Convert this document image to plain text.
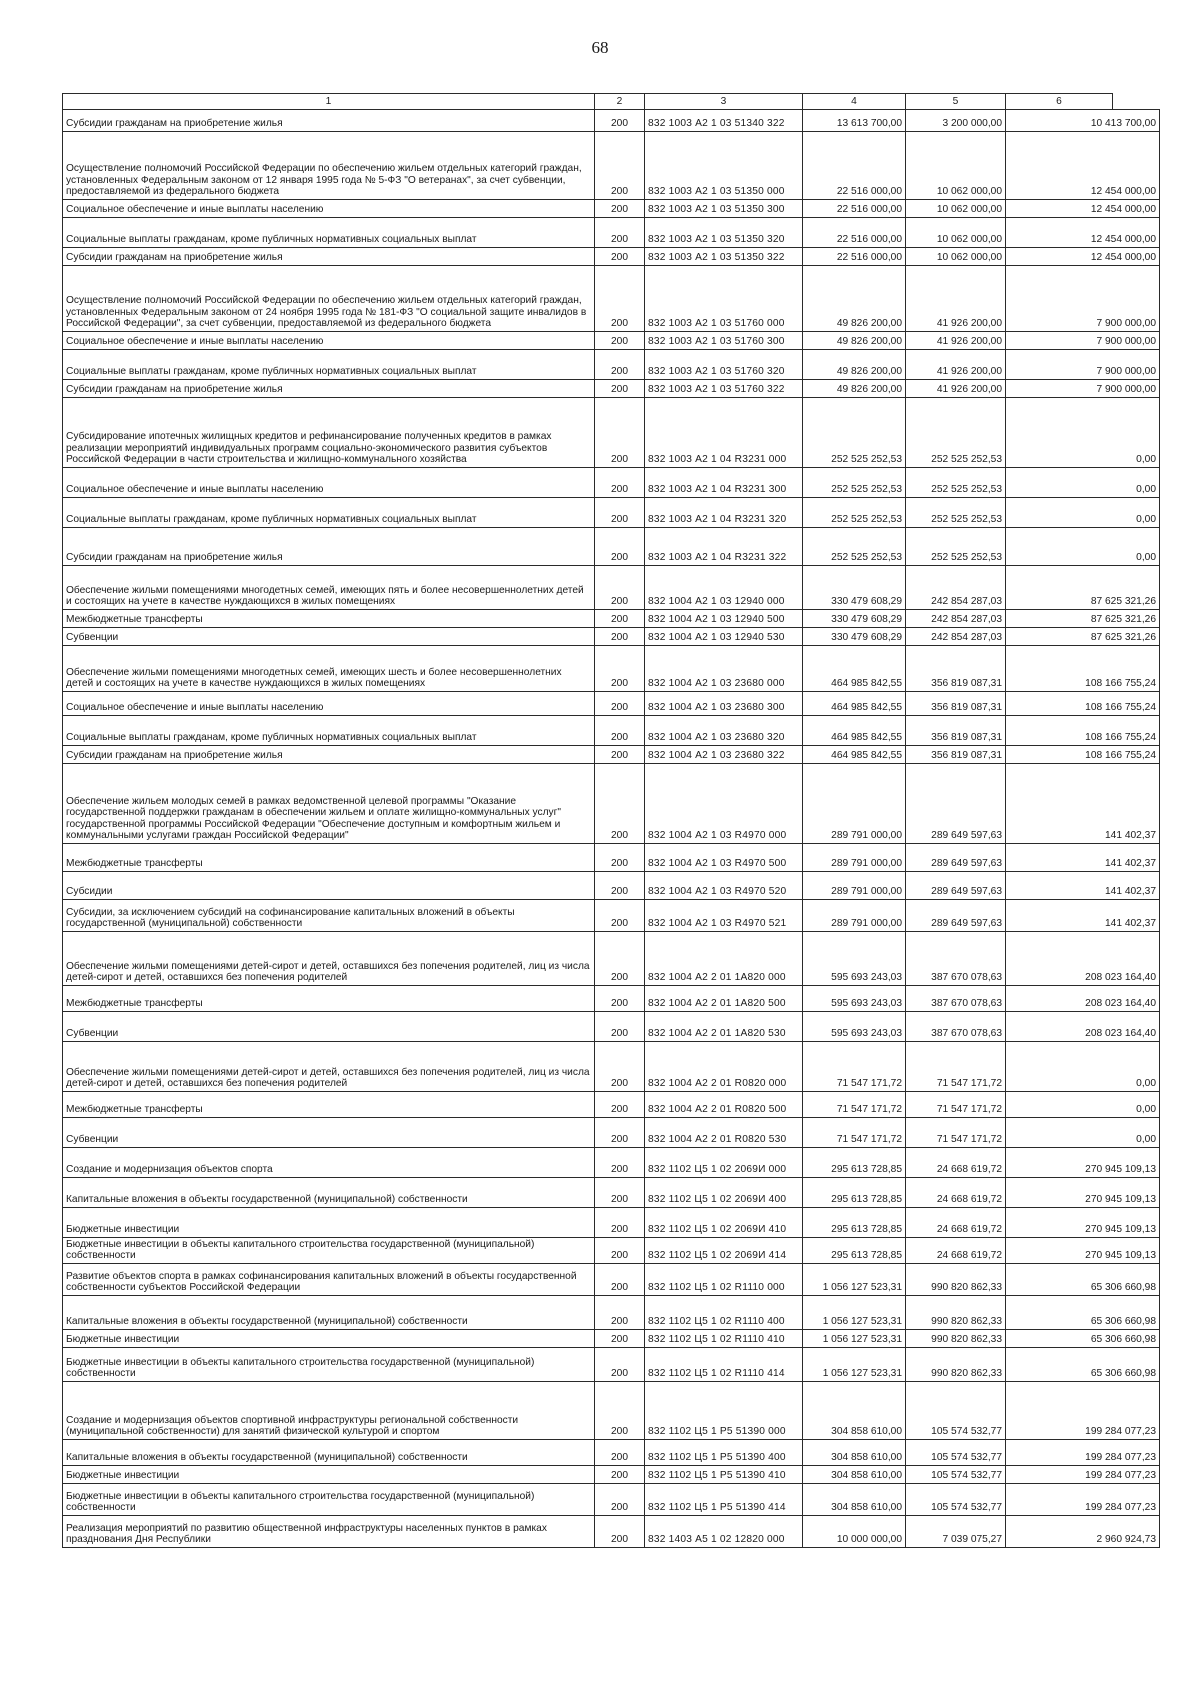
68
1	2	3	4	5	6
Субсидии гражданам на приобретение жилья	200	832 1003 А2 1 03 51340 322	13 613 700,00	3 200 000,00	10 413 700,00
Осуществление полномочий Российской Федерации по обеспечению жильем отдельных категорий граждан, установленных Федеральным законом от 12 января 1995 года № 5-ФЗ "О ветеранах", за счет субвенции, предоставляемой из федерального бюджета	200	832 1003 А2 1 03 51350 000	22 516 000,00	10 062 000,00	12 454 000,00
Социальное обеспечение и иные выплаты населению	200	832 1003 А2 1 03 51350 300	22 516 000,00	10 062 000,00	12 454 000,00
Социальные выплаты гражданам, кроме публичных нормативных социальных выплат	200	832 1003 А2 1 03 51350 320	22 516 000,00	10 062 000,00	12 454 000,00
Субсидии гражданам на приобретение жилья	200	832 1003 А2 1 03 51350 322	22 516 000,00	10 062 000,00	12 454 000,00
Осуществление полномочий Российской Федерации по обеспечению жильем отдельных категорий граждан, установленных Федеральным законом от 24 ноября 1995 года № 181-ФЗ "О социальной защите инвалидов в Российской Федерации", за счет субвенции, предоставляемой из федерального бюджета	200	832 1003 А2 1 03 51760 000	49 826 200,00	41 926 200,00	7 900 000,00
Социальное обеспечение и иные выплаты населению	200	832 1003 А2 1 03 51760 300	49 826 200,00	41 926 200,00	7 900 000,00
Социальные выплаты гражданам, кроме публичных нормативных социальных выплат	200	832 1003 А2 1 03 51760 320	49 826 200,00	41 926 200,00	7 900 000,00
Субсидии гражданам на приобретение жилья	200	832 1003 А2 1 03 51760 322	49 826 200,00	41 926 200,00	7 900 000,00
Субсидирование ипотечных жилищных кредитов и рефинансирование полученных кредитов в рамках реализации мероприятий индивидуальных программ социально-экономического развития субъектов Российской Федерации в части строительства и жилищно-коммунального хозяйства	200	832 1003 А2 1 04 R3231 000	252 525 252,53	252 525 252,53	0,00
Социальное обеспечение и иные выплаты населению	200	832 1003 А2 1 04 R3231 300	252 525 252,53	252 525 252,53	0,00
Социальные выплаты гражданам, кроме публичных нормативных социальных выплат	200	832 1003 А2 1 04 R3231 320	252 525 252,53	252 525 252,53	0,00
Субсидии гражданам на приобретение жилья	200	832 1003 А2 1 04 R3231 322	252 525 252,53	252 525 252,53	0,00
Обеспечение жильми помещениями многодетных семей, имеющих пять и более несовершеннолетних детей и состоящих на учете в качестве нуждающихся в жилых помещениях	200	832 1004 А2 1 03 12940 000	330 479 608,29	242 854 287,03	87 625 321,26
Межбюджетные трансферты	200	832 1004 А2 1 03 12940 500	330 479 608,29	242 854 287,03	87 625 321,26
Субвенции	200	832 1004 А2 1 03 12940 530	330 479 608,29	242 854 287,03	87 625 321,26
Обеспечение жильми помещениями многодетных семей, имеющих шесть и более несовершеннолетних детей и состоящих на учете в качестве нуждающихся в жилых помещениях	200	832 1004 А2 1 03 23680 000	464 985 842,55	356 819 087,31	108 166 755,24
Социальное обеспечение и иные выплаты населению	200	832 1004 А2 1 03 23680 300	464 985 842,55	356 819 087,31	108 166 755,24
Социальные выплаты гражданам, кроме публичных нормативных социальных выплат	200	832 1004 А2 1 03 23680 320	464 985 842,55	356 819 087,31	108 166 755,24
Субсидии гражданам на приобретение жилья	200	832 1004 А2 1 03 23680 322	464 985 842,55	356 819 087,31	108 166 755,24
Обеспечение жильем молодых семей в рамках ведомственной целевой программы "Оказание государственной поддержки гражданам в обеспечении жильем и оплате жилищно-коммунальных услуг" государственной программы Российской Федерации "Обеспечение доступным и комфортным жильем и коммунальными услугами граждан Российской Федерации"	200	832 1004 А2 1 03 R4970 000	289 791 000,00	289 649 597,63	141 402,37
Межбюджетные трансферты	200	832 1004 А2 1 03 R4970 500	289 791 000,00	289 649 597,63	141 402,37
Субсидии	200	832 1004 А2 1 03 R4970 520	289 791 000,00	289 649 597,63	141 402,37
Субсидии, за исключением субсидий на софинансирование капитальных вложений в объекты государственной (муниципальной) собственности	200	832 1004 А2 1 03 R4970 521	289 791 000,00	289 649 597,63	141 402,37
Обеспечение жильми помещениями детей-сирот и детей, оставшихся без попечения родителей, лиц из числа детей-сирот и детей, оставшихся без попечения родителей	200	832 1004 А2 2 01 1А820 000	595 693 243,03	387 670 078,63	208 023 164,40
Межбюджетные трансферты	200	832 1004 А2 2 01 1А820 500	595 693 243,03	387 670 078,63	208 023 164,40
Субвенции	200	832 1004 А2 2 01 1А820 530	595 693 243,03	387 670 078,63	208 023 164,40
Обеспечение жильми помещениями детей-сирот и детей, оставшихся без попечения родителей, лиц из числа детей-сирот и детей, оставшихся без попечения родителей	200	832 1004 А2 2 01 R0820 000	71 547 171,72	71 547 171,72	0,00
Межбюджетные трансферты	200	832 1004 А2 2 01 R0820 500	71 547 171,72	71 547 171,72	0,00
Субвенции	200	832 1004 А2 2 01 R0820 530	71 547 171,72	71 547 171,72	0,00
Создание и модернизация объектов спорта	200	832 1102 Ц5 1 02 2069И 000	295 613 728,85	24 668 619,72	270 945 109,13
Капитальные вложения в объекты государственной (муниципальной) собственности	200	832 1102 Ц5 1 02 2069И 400	295 613 728,85	24 668 619,72	270 945 109,13
Бюджетные инвестиции	200	832 1102 Ц5 1 02 2069И 410	295 613 728,85	24 668 619,72	270 945 109,13
Бюджетные инвестиции в объекты капитального строительства государственной (муниципальной) собственности	200	832 1102 Ц5 1 02 2069И 414	295 613 728,85	24 668 619,72	270 945 109,13
Развитие объектов спорта в рамках софинансирования капитальных вложений в объекты государственной собственности субъектов Российской Федерации	200	832 1102 Ц5 1 02 R1110 000	1 056 127 523,31	990 820 862,33	65 306 660,98
Капитальные вложения в объекты государственной (муниципальной) собственности	200	832 1102 Ц5 1 02 R1110 400	1 056 127 523,31	990 820 862,33	65 306 660,98
Бюджетные инвестиции	200	832 1102 Ц5 1 02 R1110 410	1 056 127 523,31	990 820 862,33	65 306 660,98
Бюджетные инвестиции в объекты капитального строительства государственной (муниципальной) собственности	200	832 1102 Ц5 1 02 R1110 414	1 056 127 523,31	990 820 862,33	65 306 660,98
Создание и модернизация объектов спортивной инфраструктуры региональной собственности (муниципальной собственности) для занятий физической культурой и спортом	200	832 1102 Ц5 1 Р5 51390 000	304 858 610,00	105 574 532,77	199 284 077,23
Капитальные вложения в объекты государственной (муниципальной) собственности	200	832 1102 Ц5 1 Р5 51390 400	304 858 610,00	105 574 532,77	199 284 077,23
Бюджетные инвестиции	200	832 1102 Ц5 1 Р5 51390 410	304 858 610,00	105 574 532,77	199 284 077,23
Бюджетные инвестиции в объекты капитального строительства государственной (муниципальной) собственности	200	832 1102 Ц5 1 Р5 51390 414	304 858 610,00	105 574 532,77	199 284 077,23
Реализация мероприятий по развитию общественной инфраструктуры населенных пунктов в рамках празднования Дня Республики	200	832 1403 А5 1 02 12820 000	10 000 000,00	7 039 075,27	2 960 924,73
